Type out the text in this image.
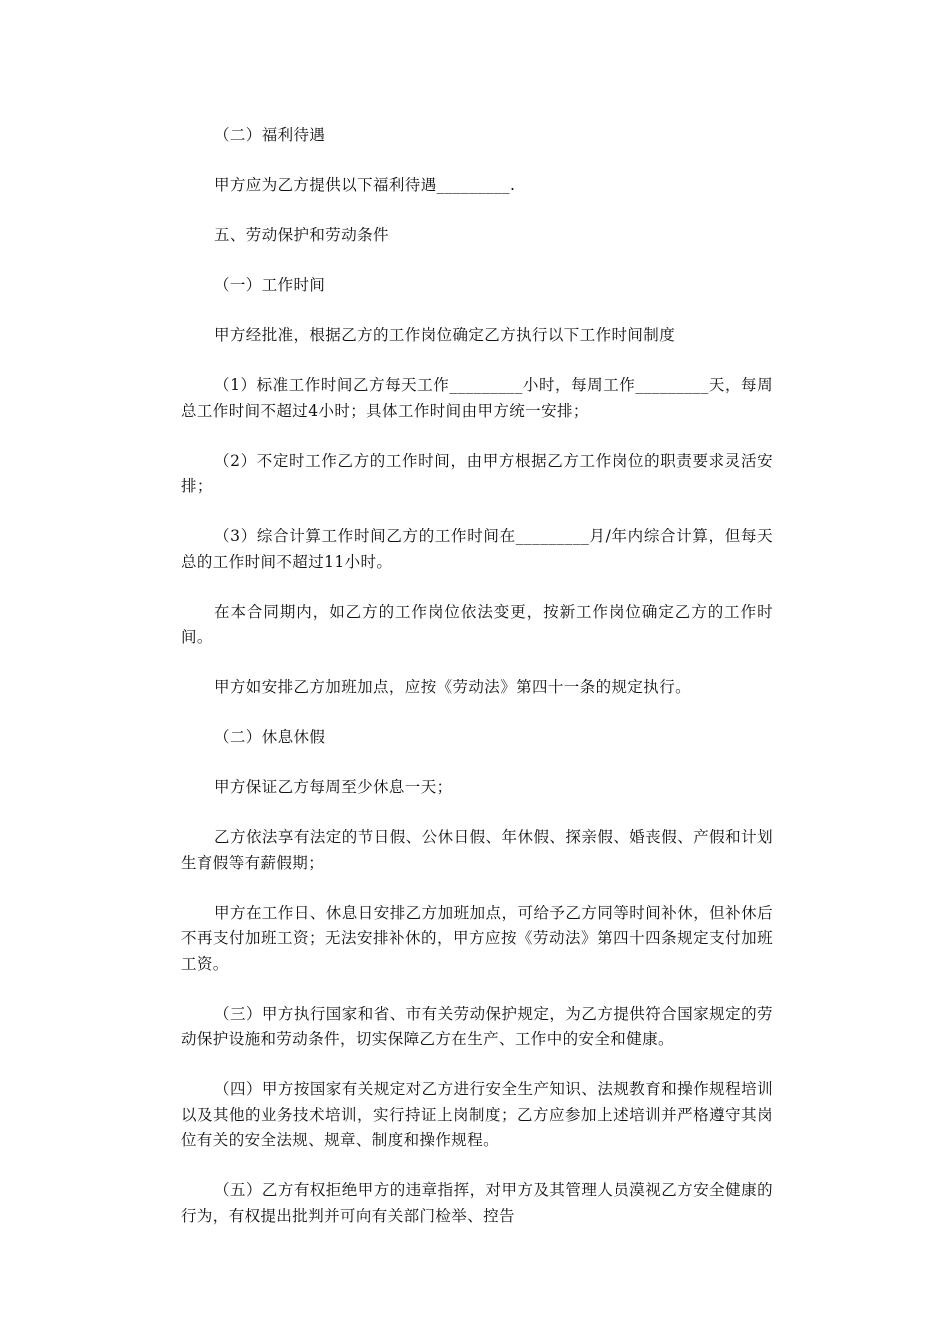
（二）福利待遇

甲方应为乙方提供以下福利待遇_________.

五、劳动保护和劳动条件

（一）工作时间

甲方经批准，根据乙方的工作岗位确定乙方执行以下工作时间制度

（1）标准工作时间乙方每天工作_________小时，每周工作_________天，每周总工作时间不超过4小时；具体工作时间由甲方统一安排；

（2）不定时工作乙方的工作时间，由甲方根据乙方工作岗位的职责要求灵活安排；

（3）综合计算工作时间乙方的工作时间在_________月/年内综合计算，但每天总的工作时间不超过11小时。

在本合同期内，如乙方的工作岗位依法变更，按新工作岗位确定乙方的工作时间。

甲方如安排乙方加班加点，应按《劳动法》第四十一条的规定执行。

（二）休息休假

甲方保证乙方每周至少休息一天；

乙方依法享有法定的节日假、公休日假、年休假、探亲假、婚丧假、产假和计划生育假等有薪假期；

甲方在工作日、休息日安排乙方加班加点，可给予乙方同等时间补休，但补休后不再支付加班工资；无法安排补休的，甲方应按《劳动法》第四十四条规定支付加班工资。

（三）甲方执行国家和省、市有关劳动保护规定，为乙方提供符合国家规定的劳动保护设施和劳动条件，切实保障乙方在生产、工作中的安全和健康。

（四）甲方按国家有关规定对乙方进行安全生产知识、法规教育和操作规程培训以及其他的业务技术培训，实行持证上岗制度；乙方应参加上述培训并严格遵守其岗位有关的安全法规、规章、制度和操作规程。

（五）乙方有权拒绝甲方的违章指挥，对甲方及其管理人员漠视乙方安全健康的行为，有权提出批判并可向有关部门检举、控告
